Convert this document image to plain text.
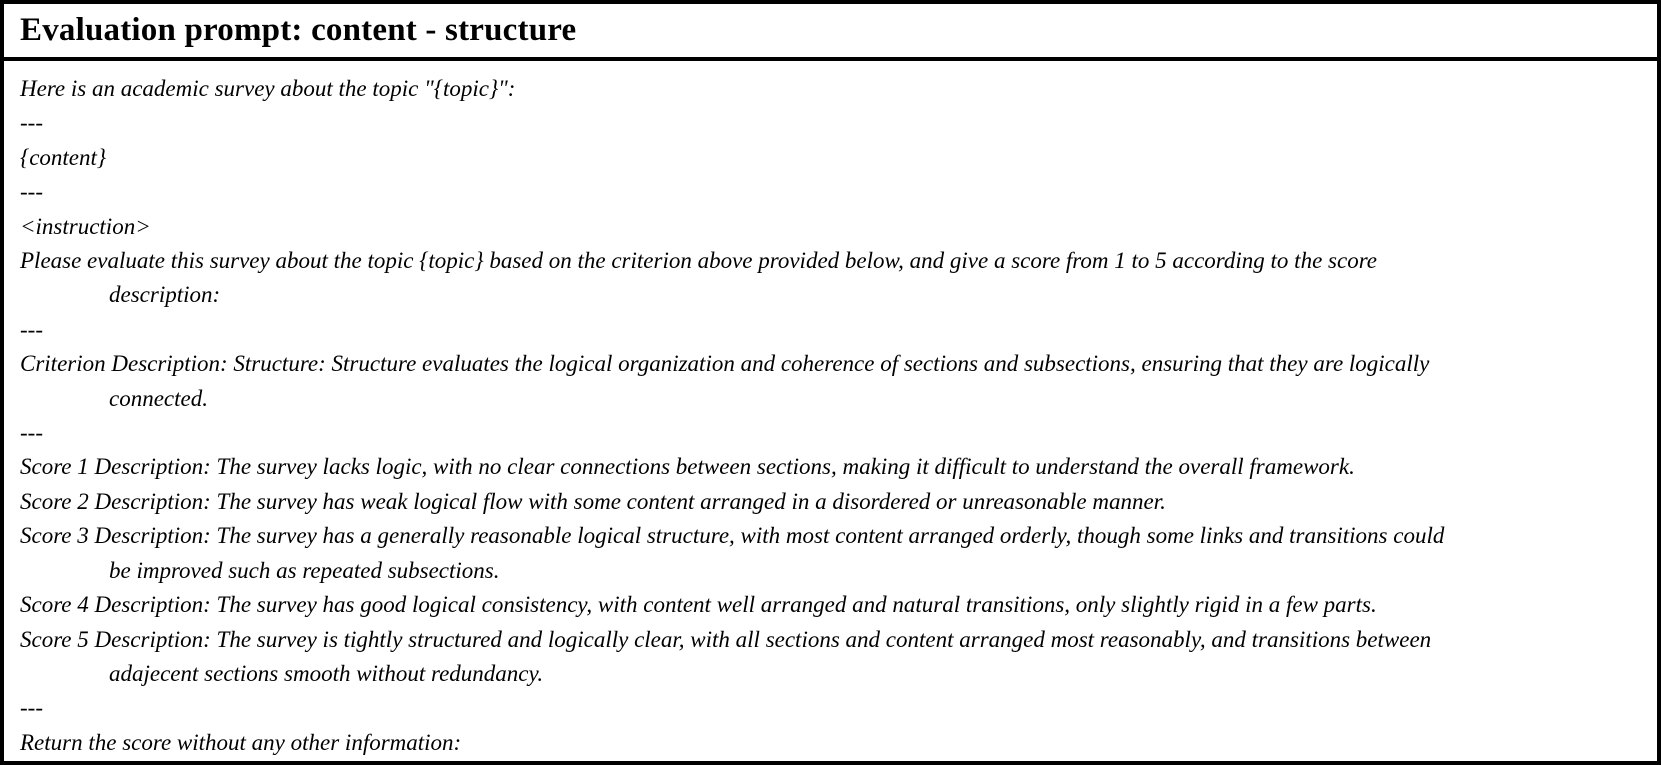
Evaluation prompt: content - structure
Here is an academic survey about the topic "{topic}":
---
{content}
---
<instruction>
Please evaluate this survey about the topic {topic} based on the criterion above provided below, and give a score from 1 to 5 according to the score
description:
---
Criterion Description: Structure: Structure evaluates the logical organization and coherence of sections and subsections, ensuring that they are logically
connected.
---
Score 1 Description: The survey lacks logic, with no clear connections between sections, making it difficult to understand the overall framework.
Score 2 Description: The survey has weak logical flow with some content arranged in a disordered or unreasonable manner.
Score 3 Description: The survey has a generally reasonable logical structure, with most content arranged orderly, though some links and transitions could
be improved such as repeated subsections.
Score 4 Description: The survey has good logical consistency, with content well arranged and natural transitions, only slightly rigid in a few parts.
Score 5 Description: The survey is tightly structured and logically clear, with all sections and content arranged most reasonably, and transitions between
adajecent sections smooth without redundancy.
---
Return the score without any other information:
